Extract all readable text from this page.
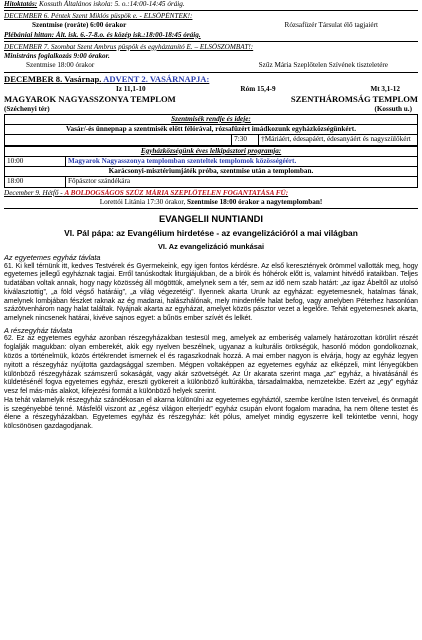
Hitoktatás: Kossuth Általános iskola: 5. o.:14:00-14:45 óráig.
DECEMBER 6. Péntek Szent Miklós püspök e. - ELSŐPÉNTEK!:
Szentmise (roráte) 6:00 órakor	Rózsafüzér Társulat élő tagjaiért
Plébániai hittan: Ált. isk. 6.-7-8.o. és közép isk.:18:00-18:45 óráig.
DECEMBER 7. Szombat Szent Ambrus püspök és egyháztanító E. – ELSŐSZOMBAT!:
Ministráns foglalkozás 9:00 órakor.
Szentmise 18:00 órakor	Szűz Mária Szeplőtelen Szívének tiszteletére
DECEMBER 8. Vasárnap. ADVENT 2. VASÁRNAPJA:
Iz 11,1-10	Róm 15,4-9	Mt 3,1-12
MAGYAROK NAGYASSZONYA TEMPLOM	SZENTHÁROMSÁG TEMPLOM
(Széchenyi tér)	(Kossuth u.)
Szentmisék rendje és ideje:
Vasár/-és ünnepnap a szentmisék előtt félórával, rózsafüzért imádkozunk egyházközségünkért.
	7:30	†Máriáért, édesapáért, édesanyáért és nagyszülőkért
Egyházközségünk éves lelkipásztori programja:	
10:00	Magyarok Nagyasszonya templomban szenteltek templomok közösségéért.
Karácsonyi-misztériumjáték próba, szentmise után a templomban.	
18:00	Főpásztor szándékára
December 9. Hétfő - A BOLDOGSÁGOS SZŰZ MÁRIA SZEPLŐTELEN FOGANTATÁSA FŰ:
Lorettói Litánia 17:30 órakor, Szentmise 18:00 órakor a nagytemplomban!
EVANGELII NUNTIANDI
VI. Pál pápa: az Evangélium hirdetése - az evangelizációról a mai világban
VI. Az evangelizáció munkásai
Az egyetemes egyház távlata

61. Ki kell térnünk itt, kedves Testvérek és Gyermekeink, egy igen fontos kérdésre. Az első keresztények örömmel vallották meg, hogy egyetemes jellegű egyháznak tagjai. Erről tanúskodtak liturgiájukban, de a bírók és hóhérok előtt is, valamint hitvédő irataikban. Teljes tudatában voltak annak, hogy nagy közösség áll mögöttük, amelynek sem a tér, sem az idő nem szab határt: „az igaz Ábeltől az utolsó kiválasztottig”, „a föld végső határáig”, „a világ végezetéig”. Ilyennek akarta Urunk az egyházat: egyetemesnek, hatalmas fának, amelynek lombjában fészket raknak az ég madarai, halászhálónak, mely mindenféle halat befog, vagy amelyben Péterhez hasonlóan százötvenhárom nagy halat találtak. Nyájnak akarta az egyházat, amelyet közös pásztor vezet a legelőre. Tehát egyetemesnek akarta, amelynek nincsenek határai, kivéve sajnos egyet: a bűnös ember szívét és lelkét.

A részegyház távlata

62. Ez az egyetemes egyház azonban részegyházakban testesül meg, amelyek az emberiség valamely határozottan körülírt részét foglalják magukban: olyan emberekét, akik egy nyelven beszélnek, ugyanaz a kulturális örökségük, hasonló módon gondolkoznak, közös a történelmük, közös értékrendet ismernek el és ragaszkodnak hozzá. A mai ember nagyon is elvárja, hogy az egyház legyen nyitott a részegyház nyújtotta gazdagsággal szemben. Mégpen voltaképpen az egyetemes egyház az elképzeli, mint lényegükben különböző részegyházak számszerű sokaságát, vagy akár szövetségét. Az Úr akarata szerint maga „az” egyház, a hivatásánál és küldetésénél fogva egyetemes egyház, ereszti gyökereit a különböző kultúrákba, társadalmakba, nemzetekbe. Ezért az „egy” egyház vesz fel más-más alakot, kifejezési formát a különböző helyek szerint.
Ha tehát valamelyik részegyház szándékosan el akarna különülni az egyetemes egyháztól, szembe kerülne Isten terveivel, és önmagát is szegényebbé tenné. Másfelől viszont az „egész világon elterjedt” egyház csupán elvont fogalom maradna, ha nem öltene testet és élene a részegyházakban. Egyetemes egyház és részegyház: két pólus, amelyet mindig egyszerre kell tekintetbe venni, hogy kölcsönösen gazdagodjanak.
